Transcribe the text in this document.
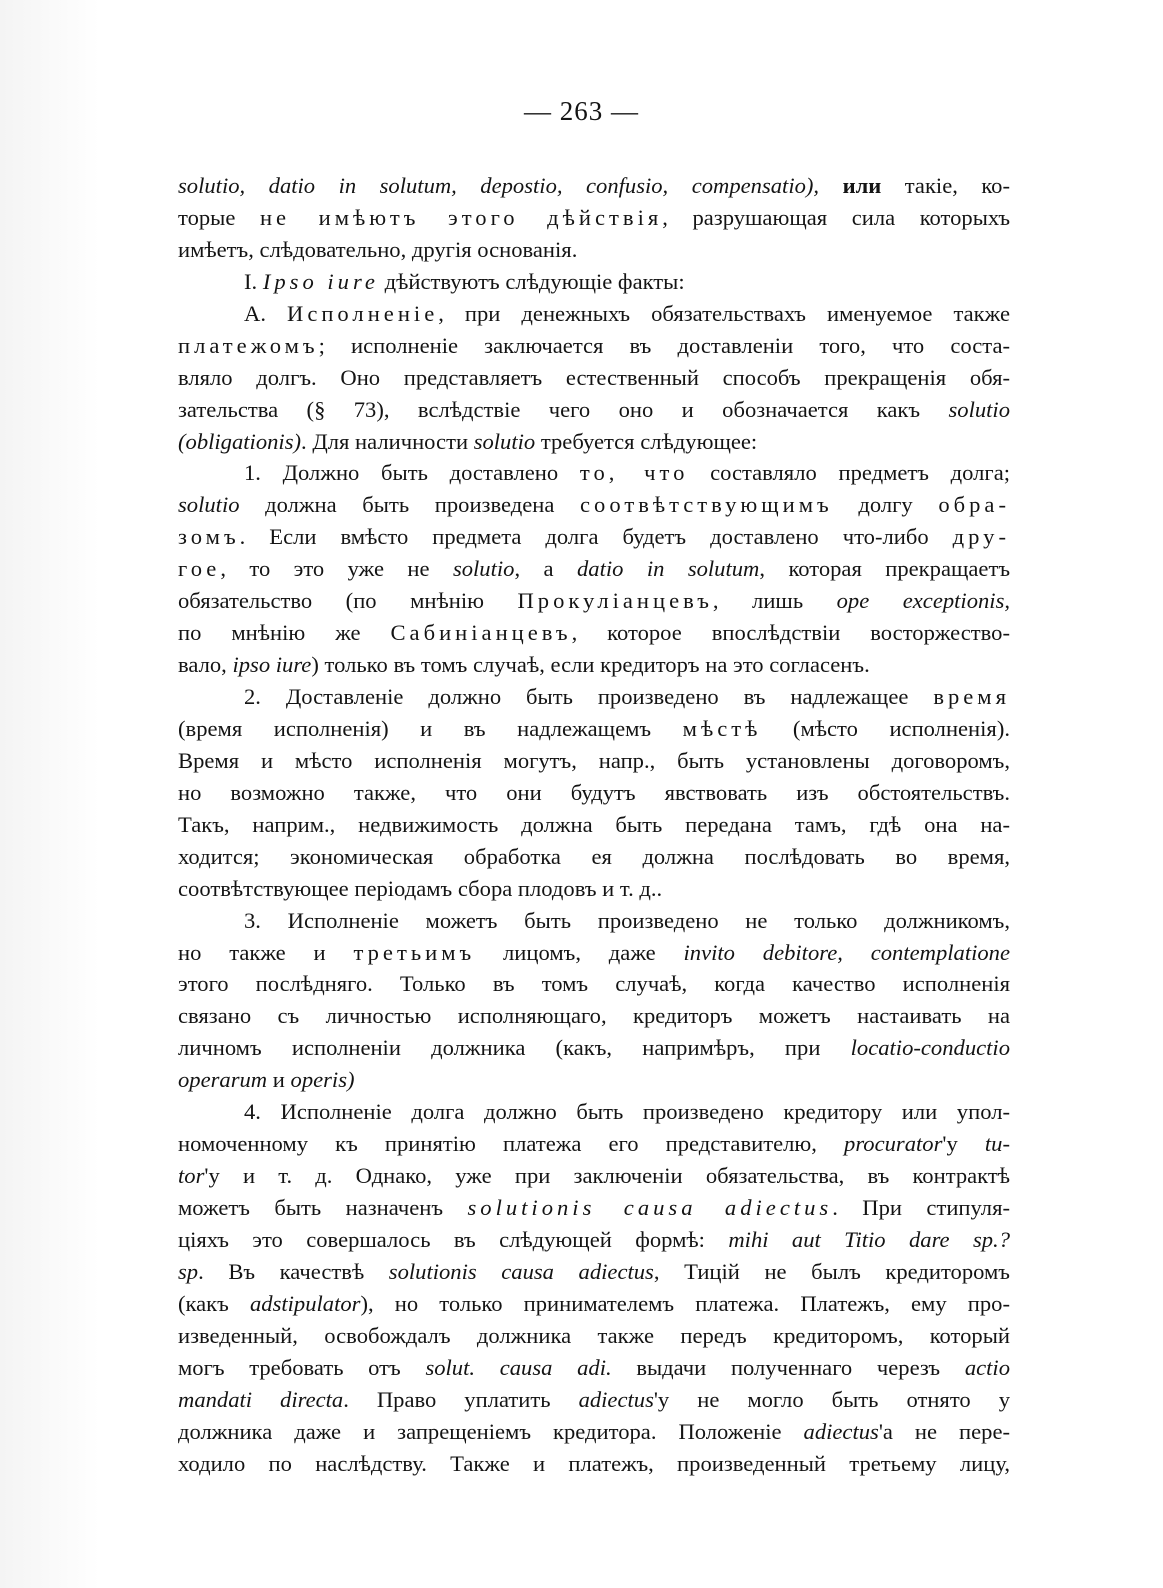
— 263 —
solutio, datio in solutum, depostio, confusio, compensatio), или такіе, ко-
торые не имѣютъ этого дѣйствія, разрушающая сила которыхъ
имѣетъ, слѣдовательно, другія основанія.
I. Ipso iure дѣйствуютъ слѣдующіе факты:
A. Исполненіе, при денежныхъ обязательствахъ именуемое также
платежомъ; исполненіе заключается въ доставленіи того, что соста-
вляло долгъ. Оно представляетъ естественный способъ прекращенія обя-
зательства (§ 73), вслѣдствіе чего оно и обозначается какъ solutio
(obligationis). Для наличности solutio требуется слѣдующее:
1. Должно быть доставлено то, что составляло предметъ долга;
solutio должна быть произведена соотвѣтствующимъ долгу обра-
зомъ. Если вмѣсто предмета долга будетъ доставлено что-либо дру-
гое, то это уже не solutio, а datio in solutum, которая прекращаетъ
обязательство (по мнѣнію Прокуліанцевъ, лишь ope exceptionis,
по мнѣнію же Сабиніанцевъ, которое впослѣдствіи восторжество-
вало, ipso iure) только въ томъ случаѣ, если кредиторъ на это согласенъ.
2. Доставленіе должно быть произведено въ надлежащее время
(время исполненія) и въ надлежащемъ мѣстѣ (мѣсто исполненія).
Время и мѣсто исполненія могутъ, напр., быть установлены договоромъ,
но возможно также, что они будутъ явствовать изъ обстоятельствъ.
Такъ, наприм., недвижимость должна быть передана тамъ, гдѣ она на-
ходится; экономическая обработка ея должна послѣдовать во время,
соотвѣтствующее періодамъ сбора плодовъ и т. д..
3. Исполненіе можетъ быть произведено не только должникомъ,
но также и третьимъ лицомъ, даже invito debitore, contemplatione
этого послѣдняго. Только въ томъ случаѣ, когда качество исполненія
связано съ личностью исполняющаго, кредиторъ можетъ настаивать на
личномъ исполненіи должника (какъ, напримѣръ, при locatio-conductio
operarum и operis)
4. Исполненіе долга должно быть произведено кредитору или упол-
номоченному къ принятію платежа его представителю, procurator'у tu-
tor'у и т. д. Однако, уже при заключеніи обязательства, въ контрактѣ
можетъ быть назначенъ solutionis causa adiectus. При стипуля-
ціяхъ это совершалось въ слѣдующей формѣ: mihi aut Titio dare sp.?
sp. Въ качествѣ solutionis causa adiectus, Тицій не былъ кредиторомъ
(какъ adstipulator), но только принимателемъ платежа. Платежъ, ему про-
изведенный, освобождалъ должника также передъ кредиторомъ, который
могъ требовать отъ solut. causa adi. выдачи полученнаго черезъ actio
mandati directa. Право уплатить adiectus'у не могло быть отнято у
должника даже и запрещеніемъ кредитора. Положеніе adiectus'а не пере-
ходило по наслѣдству. Также и платежъ, произведенный третьему лицу,
